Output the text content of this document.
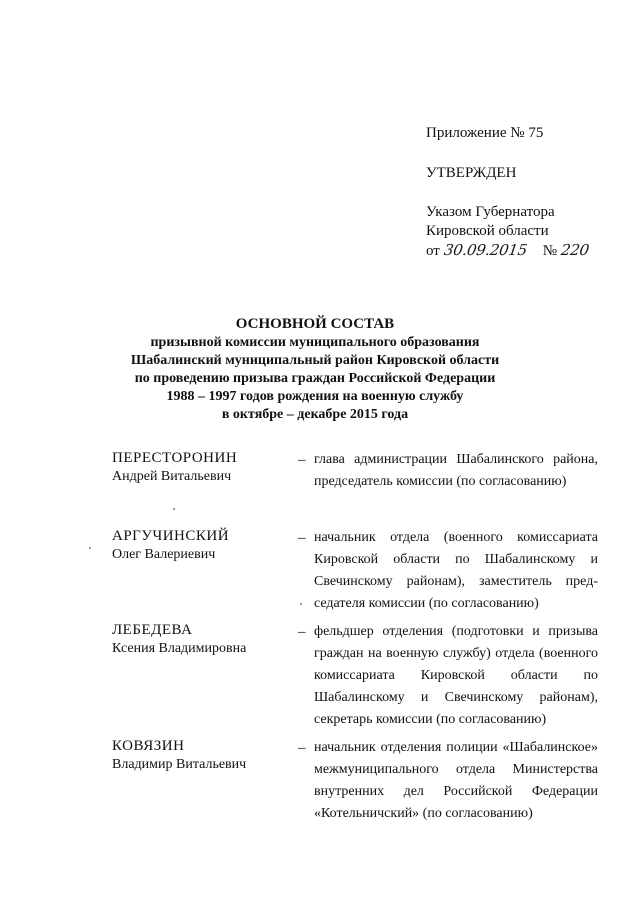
Приложение № 75
УТВЕРЖДЕН
Указом Губернатора
Кировской области
от 30.09.2015 № 220
ОСНОВНОЙ СОСТАВ
призывной комиссии муниципального образования
Шабалинский муниципальный район Кировской области
по проведению призыва граждан Российской Федерации
1988 – 1997 годов рождения на военную службу
в октябре – декабре 2015 года
ПЕРЕСТОРОНИН
Андрей Витальевич
– глава администрации Шабалинского района, председатель комиссии (по согласованию)
АРГУЧИНСКИЙ
Олег Валериевич
– начальник отдела (военного комиссариата Кировской области по Шабалинскому и Свечинскому районам), заместитель председателя комиссии (по согласованию)
ЛЕБЕДЕВА
Ксения Владимировна
– фельдшер отделения (подготовки и призыва граждан на военную службу) отдела (военного комиссариата Кировской области по Шабалинскому и Свечинскому районам), секретарь комиссии (по согласованию)
КОВЯЗИН
Владимир Витальевич
– начальник отделения полиции «Шабалинское» межмуниципального отдела Министерства внутренних дел Российской Федерации «Котельничский» (по согласованию)
